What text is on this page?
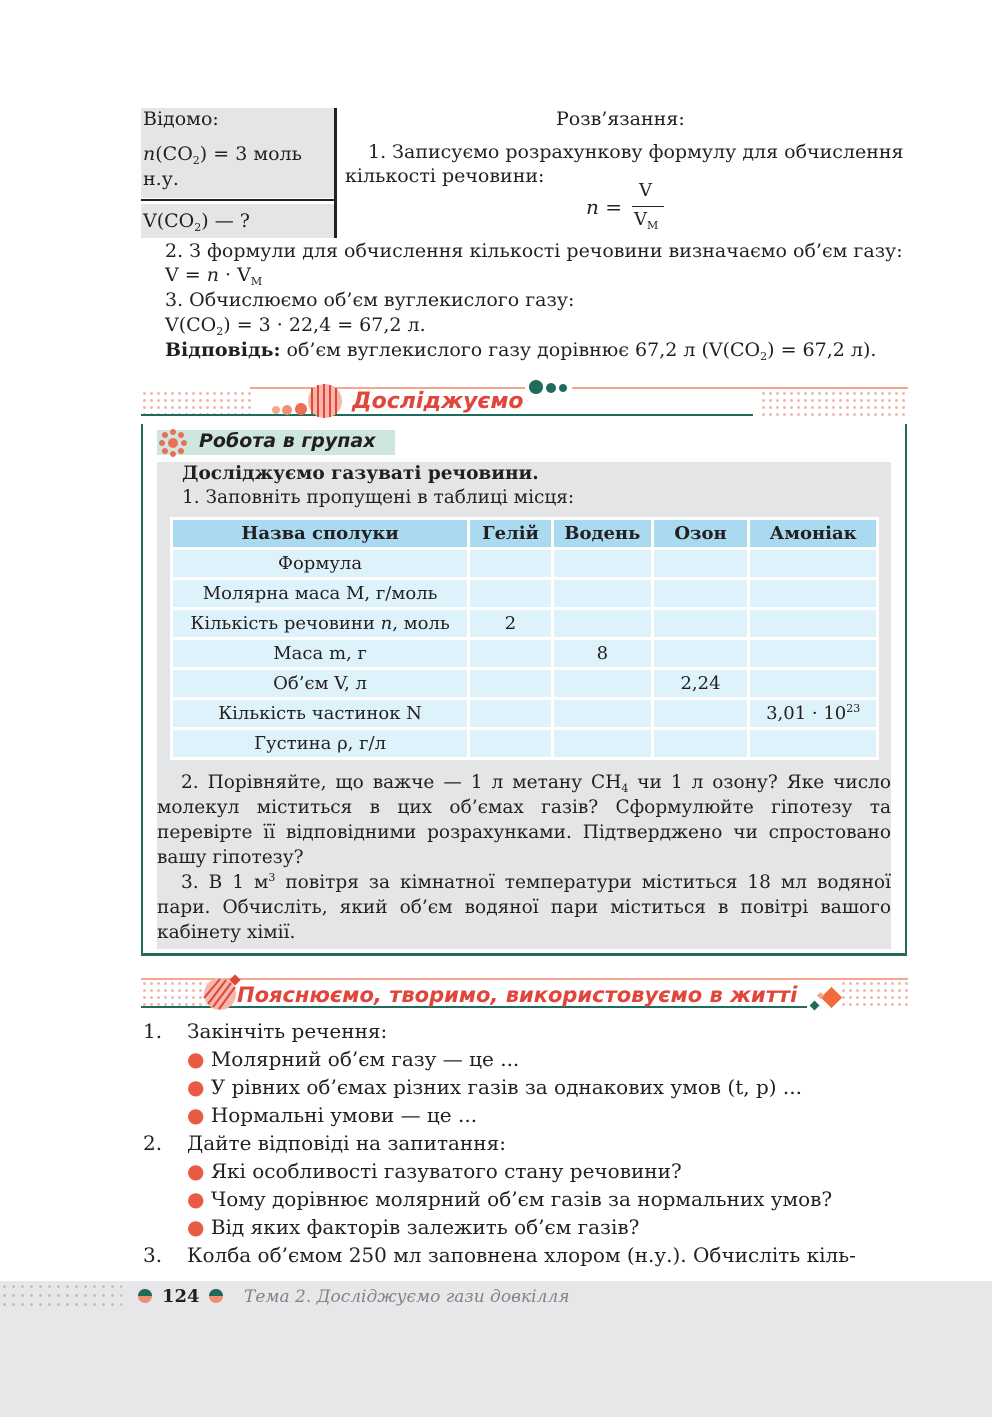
Відомо:
$n(CO_2) = 3$ моль
н.у.
$V(CO_2)$ — ?
Розв’язання:
1. Записуємо розрахункову формулу для обчислення
кількості речовини:
n =
V
$V_M$
2. З формули для обчислення кількості речовини визначаємо об’єм газу:
$V = n \cdot V_M$
3. Обчислюємо об’єм вуглекислого газу:
$V(CO_2) = 3 \cdot 22,4 = 67,2$ л.
Відповідь: об’єм вуглекислого газу дорівнює 67,2 л ($V(CO_2) = 67,2$ л).
Досліджуємо
Робота в групах
Досліджуємо газуваті речовини.
1. Заповніть пропущені в таблиці місця:
Назва сполуки	Гелій	Водень	Озон	Амоніак
Формула				
Молярна маса М, г/моль				
Кількість речовини n, моль	2			
Маса m, г		8		
Об’єм V, л			2,24	
Кількість частинок N				$3,01 \cdot 10^{23}$
Густина ρ, г/л				
2. Порівняйте, що важче — 1 л метану $CH_4$ чи 1 л озону? Яке число молекул міститься в цих об’ємах газів? Сформулюйте гіпотезу та перевірте її відповідними розрахунками. Підтверджено чи спростовано вашу гіпотезу?
3. В 1 $м^3$ повітря за кімнатної температури міститься 18 мл водяної пари. Обчисліть, який об’єм водяної пари міститься в повітрі вашого кабінету хімії.
Пояснюємо, творимо, використовуємо в житті
1. Закінчіть речення:
● Молярний об’єм газу — це ...
● У рівних об’ємах різних газів за однакових умов (t, p) ...
● Нормальні умови — це ...
2. Дайте відповіді на запитання:
● Які особливості газуватого стану речовини?
● Чому дорівнює молярний об’єм газів за нормальних умов?
● Від яких факторів залежить об’єм газів?
3. Колба об’ємом 250 мл заповнена хлором (н.у.). Обчисліть кіль-
124	Тема 2. Досліджуємо гази довкілля
